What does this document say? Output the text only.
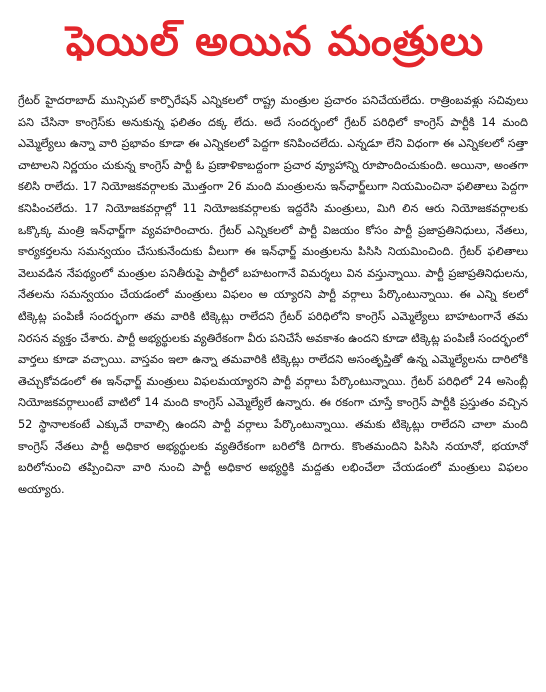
ఫెయిల్ అయిన మంత్రులు

గ్రేటర్ హైదరాబాద్ మున్సిపల్ కార్పొరేషన్ ఎన్నికలలో రాష్ట్ర మంత్రుల ప్రచారం పనిచేయలేదు. రాత్రింబవళ్లు సచివులు పని చేసినా కాంగ్రెస్‌కు అనుకున్న ఫలితం దక్క లేదు. అదే సందర్భంలో గ్రేటర్ పరిధిలో కాంగ్రెస్ పార్టీకి 14 మంది ఎమ్మెల్యేలు ఉన్నా వారి ప్రభావం కూడా ఈ ఎన్నికలలో పెద్దగా కనిపించలేదు. ఎన్నడూ లేని విధంగా ఈ ఎన్నికలలో సత్తా చాటాలని నిర్ణయం చుకున్న కాంగ్రెస్ పార్టీ ఓ ప్రణాళికాబద్దంగా ప్రచార వ్యూహాన్ని రూపొందించుకుంది. అయినా, అంతగా కలిసి రాలేదు. 17 నియోజకవర్గాలకు మొత్తంగా 26 మంది మంత్రులను ఇన్‌ఛార్జ్‌లుగా నియమించినా ఫలితాలు పెద్దగా కనిపించలేదు. 17 నియోజకవర్గాల్లో 11 నియోజకవర్గాలకు ఇద్దరేసి మంత్రులు, మిగి లిన ఆరు నియోజకవర్గాలకు ఒక్కొక్క మంత్రి ఇన్‌ఛార్జ్‌గా వ్యవహరించారు. గ్రేటర్ ఎన్నికలలో పార్టీ విజయం కోసం పార్టీ ప్రజాప్రతినిధులు, నేతలు, కార్యకర్తలను సమన్వయం చేసుకునేందుకు వీలుగా ఈ ఇన్‌ఛార్జ్ మంత్రులను పిసిసి నియమించింది. గ్రేటర్ ఫలితాలు వెలువడిన నేపథ్యంలో మంత్రుల పనితీరుపై పార్టీలో బహటంగానే విమర్శలు విన వస్తున్నాయి. పార్టీ ప్రజాప్రతినిధులను, నేతలను సమన్వయం చేయడంలో మంత్రులు విఫలం అ య్యారని పార్టీ వర్గాలు పేర్కొంటున్నాయి. ఈ ఎన్ని కలలో టిక్కెట్ల పంపిణీ సందర్భంగా తమ వారికి టిక్కెట్లు రాలేదని గ్రేటర్ పరిధిలోని కాంగ్రెస్ ఎమ్మెల్యేలు బాహటంగానే తమ నిరసన వ్యక్తం చేశారు. పార్టీ అభ్యర్థులకు వ్యతిరేకంగా వీరు పనిచేసే అవకాశం ఉందని కూడా టిక్కెట్ల పంపిణీ సందర్భంలో వార్తలు కూడా వచ్చాయి. వాస్తవం ఇలా ఉన్నా తమవారికి టిక్కెట్లు రాలేదని అసంతృప్తితో ఉన్న ఎమ్మెల్యేలను దారిలోకి తెచ్చుకోవడంలో ఈ ఇన్‌ఛార్జ్ మంత్రులు విఫలమయ్యారని పార్టీ వర్గాలు పేర్కొంటున్నాయి. గ్రేటర్ పరిధిలో 24 అసెంబ్లీ నియోజకవర్గాలుంటే వాటిలో 14 మంది కాంగ్రెస్ ఎమ్మెల్యేలే ఉన్నారు. ఈ రకంగా చూస్తే కాంగ్రెస్ పార్టీకి ప్రస్తుతం వచ్చిన 52 స్థానాలకంటే ఎక్కువే రావాల్సి ఉందని పార్టీ వర్గాలు పేర్కొంటున్నాయి. తమకు టిక్కెట్లు రాలేదని చాలా మంది కాంగ్రెస్ నేతలు పార్టీ అధికార అభ్యర్థులకు వ్యతిరేకంగా బరిలోకి దిగారు. కొంతమందిని పిసిసి నయానో, భయానో బరిలోనుంచి తప్పించినా వారి నుంచి పార్టీ అధికార అభ్యర్థికి మద్దతు లభించేలా చేయడంలో మంత్రులు విఫలం అయ్యారు.
